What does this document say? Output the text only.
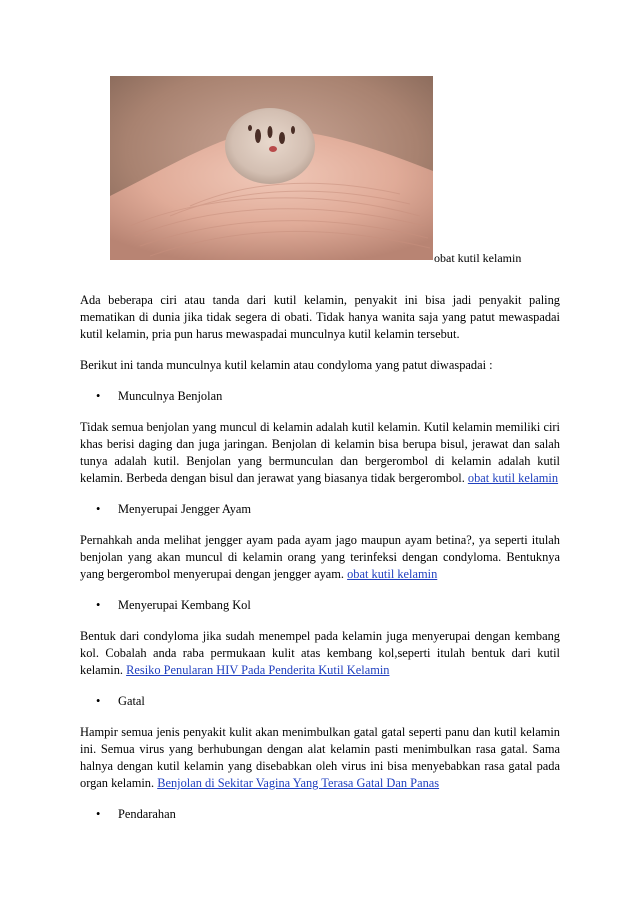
obat kutil kelamin

Ada beberapa ciri atau tanda dari kutil kelamin, penyakit ini bisa jadi penyakit paling mematikan di dunia jika tidak segera di obati. Tidak hanya wanita saja yang patut mewaspadai kutil kelamin, pria pun harus mewaspadai munculnya kutil kelamin tersebut.

Berikut ini tanda munculnya kutil kelamin atau condyloma yang patut diwaspadai :

• Munculnya Benjolan

Tidak semua benjolan yang muncul di kelamin adalah kutil kelamin. Kutil kelamin memiliki ciri khas berisi daging dan juga jaringan. Benjolan di kelamin bisa berupa bisul, jerawat dan salah tunya adalah kutil. Benjolan yang bermunculan dan bergerombol di kelamin adalah kutil kelamin. Berbeda dengan bisul dan jerawat yang biasanya tidak bergerombol. obat kutil kelamin

• Menyerupai Jengger Ayam

Pernahkah anda melihat jengger ayam pada ayam jago maupun ayam betina?, ya seperti itulah benjolan yang akan muncul di kelamin orang yang terinfeksi dengan condyloma. Bentuknya yang bergerombol menyerupai dengan jengger ayam. obat kutil kelamin

• Menyerupai Kembang Kol

Bentuk dari condyloma jika sudah menempel pada kelamin juga menyerupai dengan kembang kol. Cobalah anda raba permukaan kulit atas kembang kol,seperti itulah bentuk dari kutil kelamin. Resiko Penularan HIV Pada Penderita Kutil Kelamin

• Gatal

Hampir semua jenis penyakit kulit akan menimbulkan gatal gatal seperti panu dan kutil kelamin ini. Semua virus yang berhubungan dengan alat kelamin pasti menimbulkan rasa gatal. Sama halnya dengan kutil kelamin yang disebabkan oleh virus ini bisa menyebabkan rasa gatal pada organ kelamin. Benjolan di Sekitar Vagina Yang Terasa Gatal Dan Panas

• Pendarahan
